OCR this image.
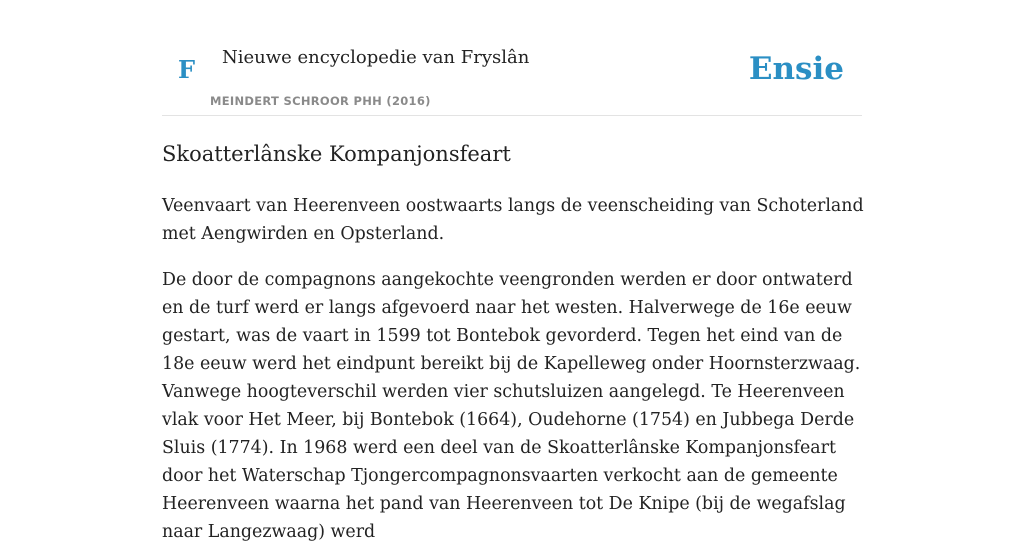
F Nieuwe encyclopedie van Fryslân
MEINDERT SCHROOR PHH (2016)
Ensie
Skoatterlânske Kompanjonsfeart

Veenvaart van Heerenveen oostwaarts langs de veenscheiding van Schoterland met Aengwirden en Opsterland.

De door de compagnons aangekochte veengronden werden er door ontwaterd en de turf werd er langs afgevoerd naar het westen. Halverwege de 16e eeuw gestart, was de vaart in 1599 tot Bontebok gevorderd. Tegen het eind van de 18e eeuw werd het eindpunt bereikt bij de Kapelleweg onder Hoornsterzwaag. Vanwege hoogteverschil werden vier schutsluizen aangelegd. Te Heerenveen vlak voor Het Meer, bij Bontebok (1664), Oudehorne (1754) en Jubbega Derde Sluis (1774). In 1968 werd een deel van de Skoatterlânske Kompanjonsfeart door het Waterschap Tjongercompagnonsvaarten verkocht aan de gemeente Heerenveen waarna het pand van Heerenveen tot De Knipe (bij de wegafslag naar Langezwaag) werd
